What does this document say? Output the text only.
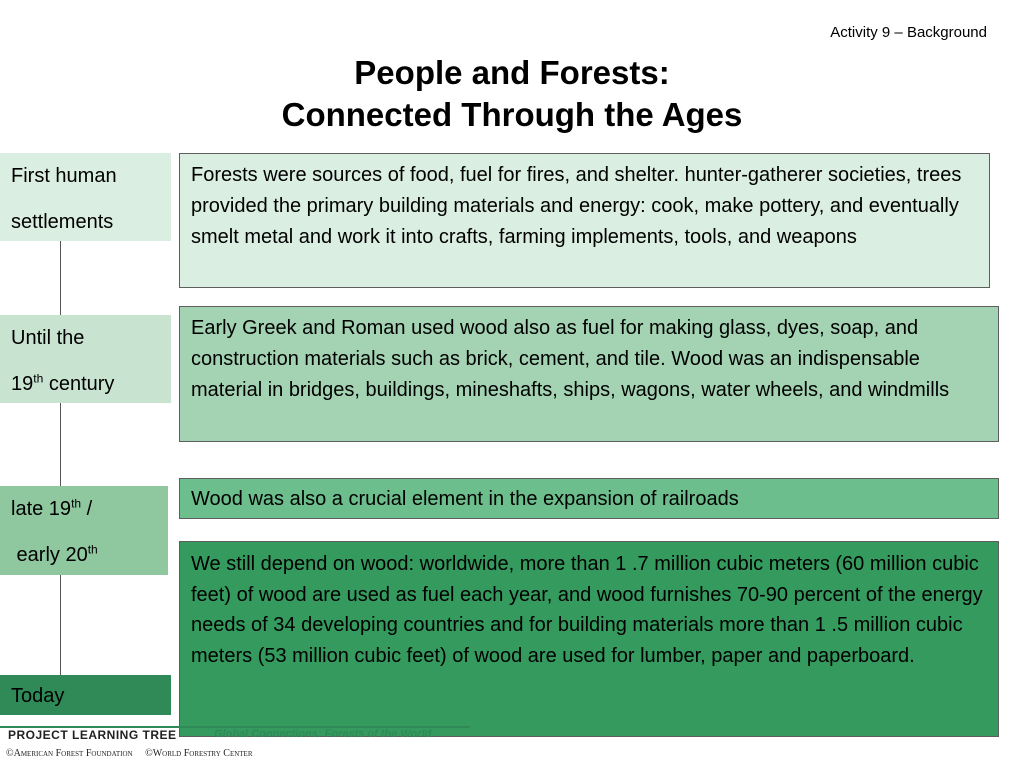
Activity 9 – Background
People and Forests:
Connected Through the Ages
First human
settlements
Until the
19th century
late 19th /
early 20th
Today
Forests were sources of food, fuel for fires, and shelter. hunter-gatherer societies, trees provided the primary building materials and energy: cook, make pottery, and eventually smelt metal and work it into crafts, farming implements, tools, and weapons
Early Greek and Roman used wood also as fuel for making glass, dyes, soap, and construction materials such as brick, cement, and tile. Wood was an indispensable material in bridges, buildings, mineshafts, ships, wagons, water wheels, and windmills
Wood was also a crucial element in the expansion of railroads
We still depend on wood: worldwide, more than 1 .7 million cubic meters (60 million cubic feet) of wood are used as fuel each year, and wood furnishes 70-90 percent of the energy needs of 34 developing countries and for building materials more than 1 .5 million cubic meters (53 million cubic feet) of wood are used for lumber, paper and paperboard.
PROJECT LEARNING TREE	Global Connections: Forests of the World
©American Forest Foundation ©World Forestry Center
